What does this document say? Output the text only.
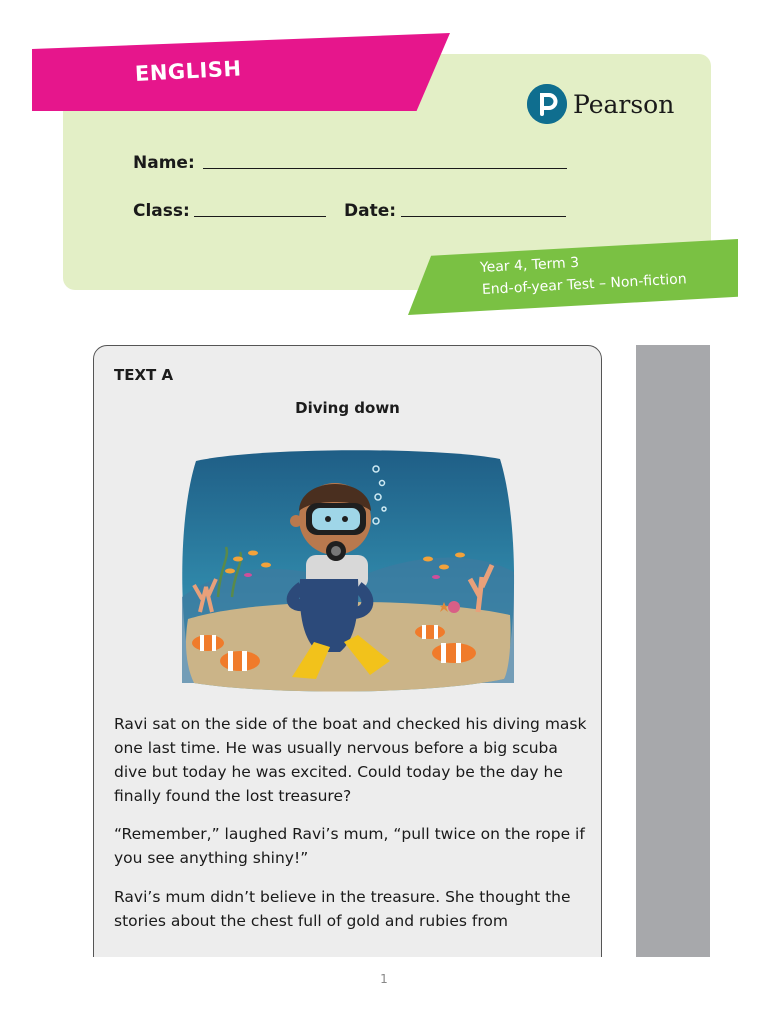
ENGLISH
Pearson
Name:
Class:	Date:
Year 4, Term 3
End-of-year Test – Non-fiction
TEXT A
Diving down
Ravi sat on the side of the boat and checked his diving mask one last time. He was usually nervous before a big scuba dive but today he was excited. Could today be the day he finally found the lost treasure?
“Remember,” laughed Ravi’s mum, “pull twice on the rope if you see anything shiny!”
Ravi’s mum didn’t believe in the treasure. She thought the stories about the chest full of gold and rubies from
1
